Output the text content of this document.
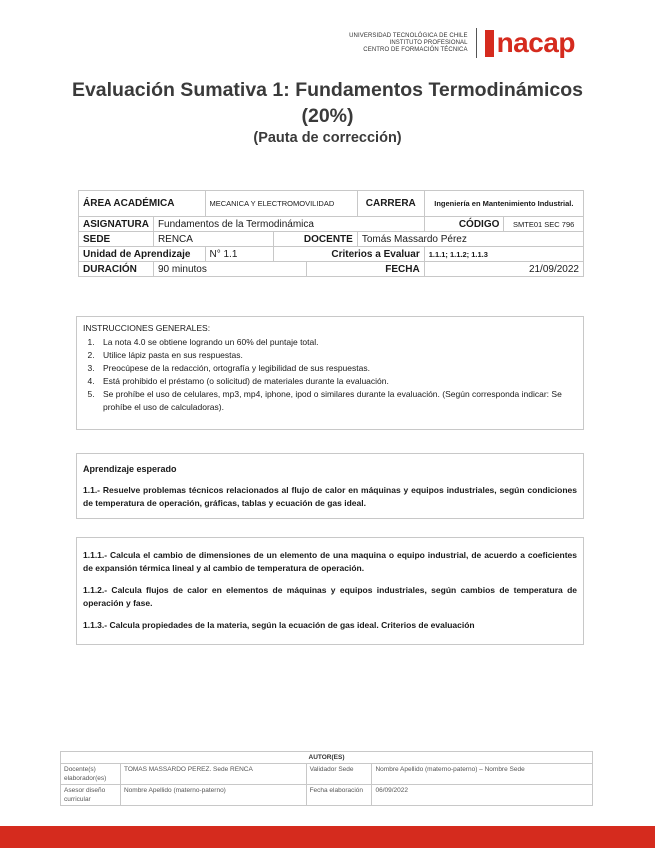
UNIVERSIDAD TECNOLÓGICA DE CHILE
INSTITUTO PROFESIONAL
CENTRO DE FORMACIÓN TÉCNICA nacap
Evaluación Sumativa 1: Fundamentos Termodinámicos (20%)
(Pauta de corrección)
ÁREA ACADÉMICA		MECANICA Y ELECTROMOVILIDAD			CARRERA	Ingeniería en Mantenimiento Industrial.	
ASIGNATURA	Fundamentos de la Termodinámica					CÓDIGO	SMTE01 SEC 796
SEDE	RENCA		DOCENTE		Tomás Massardo Pérez		
Unidad de Aprendizaje		N° 1.1	Criterios a Evaluar			1.1.1; 1.1.2; 1.1.3	
DURACIÓN	90 minutos			FECHA		21/09/2022	
INSTRUCCIONES GENERALES:
1. La nota 4.0 se obtiene logrando un 60% del puntaje total.
2. Utilice lápiz pasta en sus respuestas.
3. Preocúpese de la redacción, ortografía y legibilidad de sus respuestas.
4. Está prohibido el préstamo (o solicitud) de materiales durante la evaluación.
5. Se prohíbe el uso de celulares, mp3, mp4, iphone, ipod o similares durante la evaluación. (Según corresponda indicar: Se prohíbe el uso de calculadoras).
Aprendizaje esperado
1.1.- Resuelve problemas técnicos relacionados al flujo de calor en máquinas y equipos industriales, según condiciones de temperatura de operación, gráficas, tablas y ecuación de gas ideal.
1.1.1.- Calcula el cambio de dimensiones de un elemento de una maquina o equipo industrial, de acuerdo a coeficientes de expansión térmica lineal y al cambio de temperatura de operación.
1.1.2.- Calcula flujos de calor en elementos de máquinas y equipos industriales, según cambios de temperatura de operación y fase.
1.1.3.- Calcula propiedades de la materia, según la ecuación de gas ideal. Criterios de evaluación
AUTOR(ES)			
Docente(s) elaborador(es)	TOMAS MASSARDO PEREZ. Sede RENCA	Validador Sede	Nombre Apellido (materno-paterno) – Nombre Sede
Asesor diseño curricular	Nombre Apellido (materno-paterno)	Fecha elaboración	06/09/2022
